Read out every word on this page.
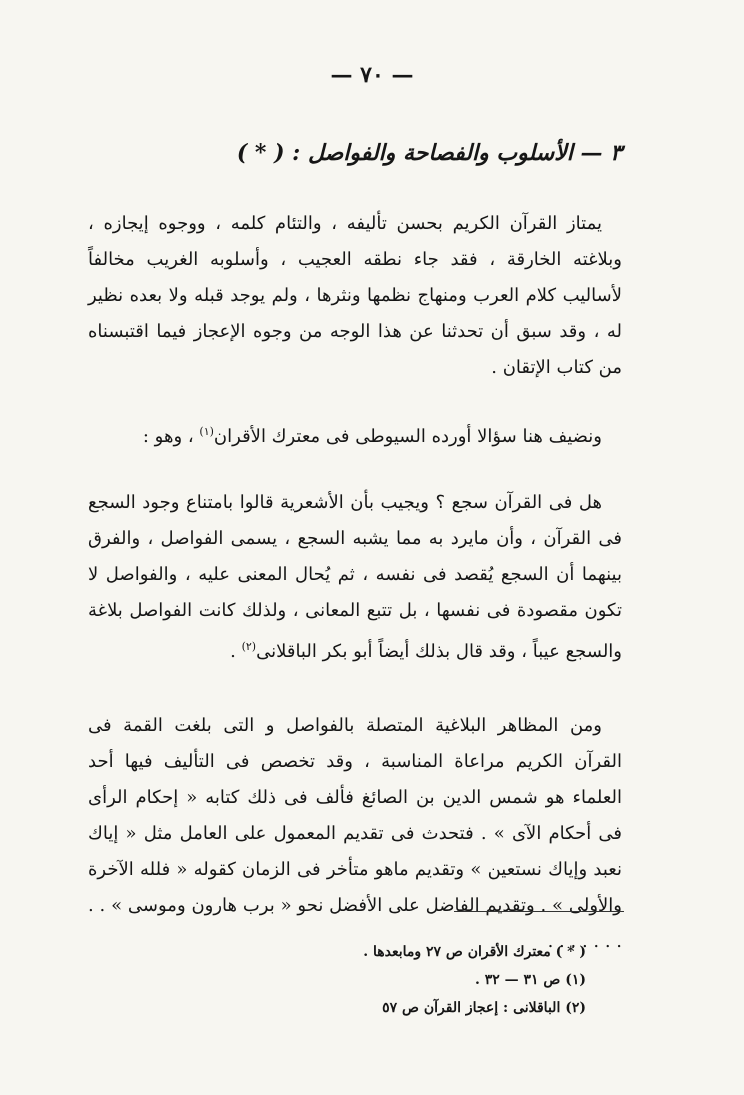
— ٧٠ —
٣ — الأسلوب والفصاحة والفواصل : ( * )

يمتاز القرآن الكريم بحسن تأليفه ، والتئام كلمه ، ووجوه إيجازه ، وبلاغته الخارقة ، فقد جاء نطقه العجيب ، وأسلوبه الغريب مخالفاً لأساليب كلام العرب ومنهاج نظمها ونثرها ، ولم يوجد قبله ولا بعده نظير له ، وقد سبق أن تحدثنا عن هذا الوجه من وجوه الإعجاز فيما اقتبسناه من كتاب الإتقان .

ونضيف هنا سؤالا أورده السيوطى فى معترك الأقران$^{(١)}$ ، وهو :

هل فى القرآن سجع ؟ ويجيب بأن الأشعرية قالوا بامتناع وجود السجع فى القرآن ، وأن مايرد به مما يشبه السجع ، يسمى الفواصل ، والفرق بينهما أن السجع يُقصد فى نفسه ، ثم يُحال المعنى عليه ، والفواصل لا تكون مقصودة فى نفسها ، بل تتبع المعانى ، ولذلك كانت الفواصل بلاغة والسجع عيباً ، وقد قال بذلك أيضاً أبو بكر الباقلانى$^{(٢)}$ .

ومن المظاهر البلاغية المتصلة بالفواصل و التى بلغت القمة فى القرآن الكريم مراعاة المناسبة ، وقد تخصص فى التأليف فيها أحد العلماء هو شمس الدين بن الصائغ فألف فى ذلك كتابه « إحكام الرأى فى أحكام الآى » . فتحدث فى تقديم المعمول على العامل مثل « إياك نعبد وإياك نستعين » وتقديم ماهو متأخر فى الزمان كقوله « فلله الآخرة والأولى » . وتقديم الفاضل على الأفضل نحو « برب هارون وموسى » . . . . . . . . .

( * ) معترك الأقران ص ٢٧ ومابعدها .
(١) ص ٣١ — ٣٢ .
(٢) الباقلانى : إعجاز القرآن ص ٥٧
